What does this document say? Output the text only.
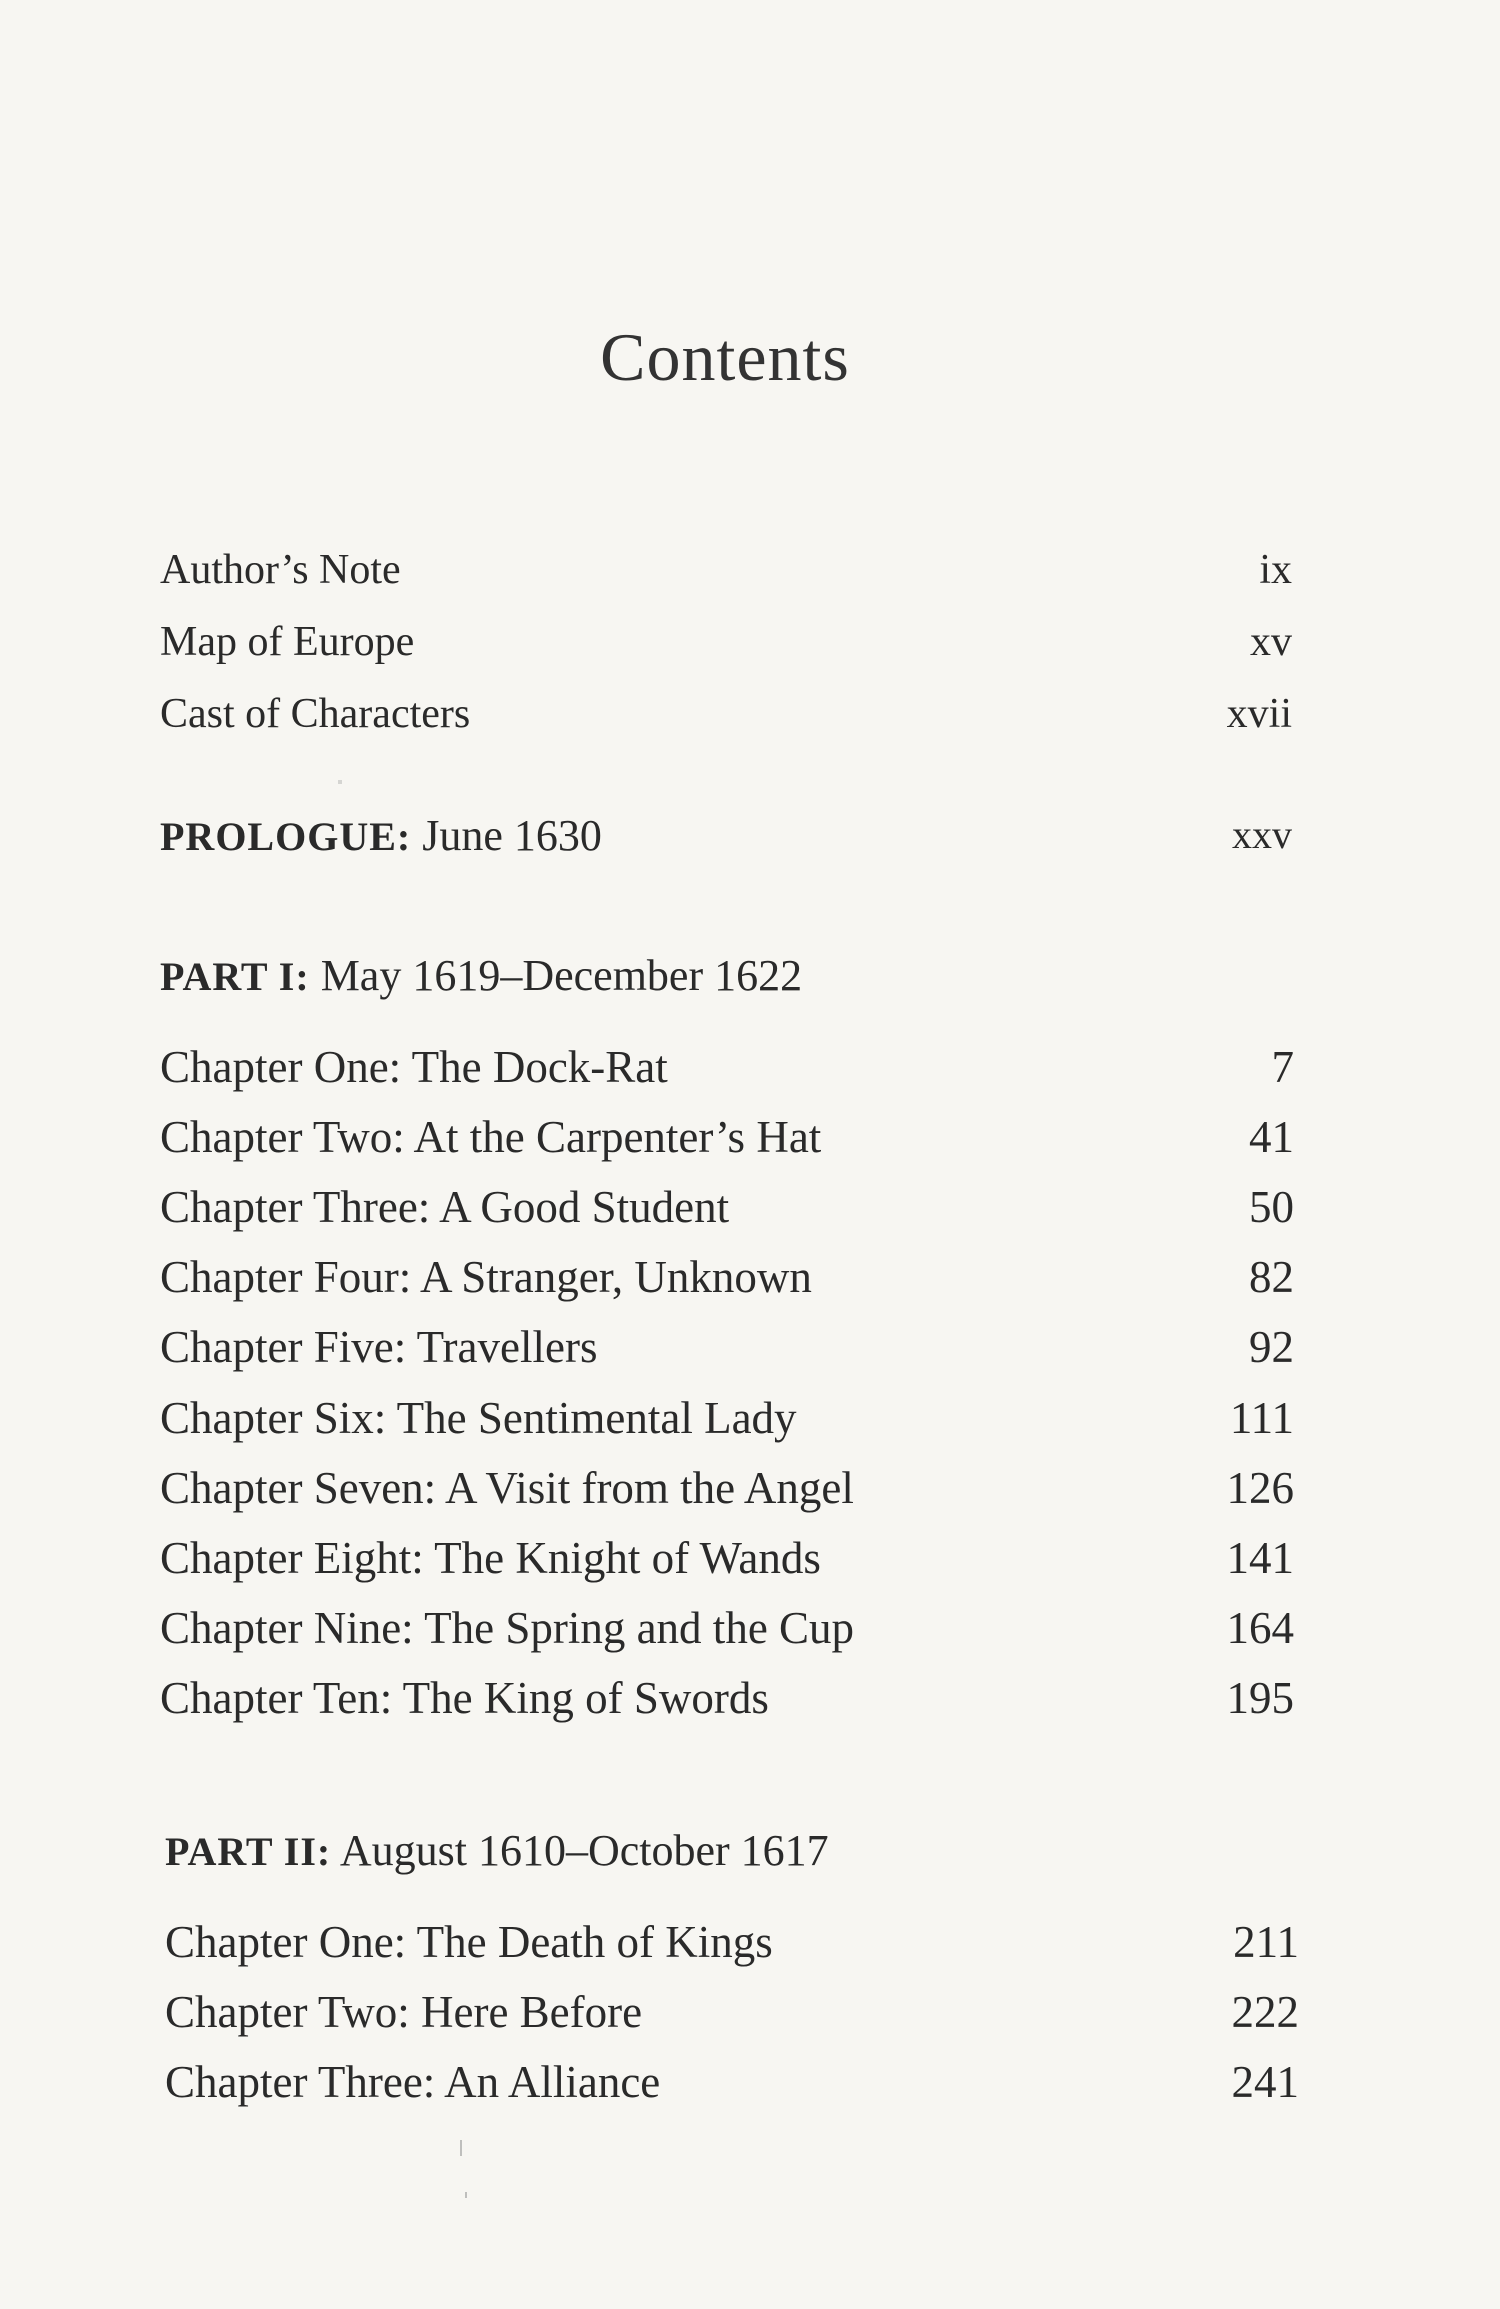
Contents
Author’s Note	ix
Map of Europe	xv
Cast of Characters	xvii
PROLOGUE: June 1630	xxv
PART I: May 1619–December 1622
Chapter One: The Dock-Rat	7
Chapter Two: At the Carpenter’s Hat	41
Chapter Three: A Good Student	50
Chapter Four: A Stranger, Unknown	82
Chapter Five: Travellers	92
Chapter Six: The Sentimental Lady	111
Chapter Seven: A Visit from the Angel	126
Chapter Eight: The Knight of Wands	141
Chapter Nine: The Spring and the Cup	164
Chapter Ten: The King of Swords	195
PART II: August 1610–October 1617
Chapter One: The Death of Kings	211
Chapter Two: Here Before	222
Chapter Three: An Alliance	241
